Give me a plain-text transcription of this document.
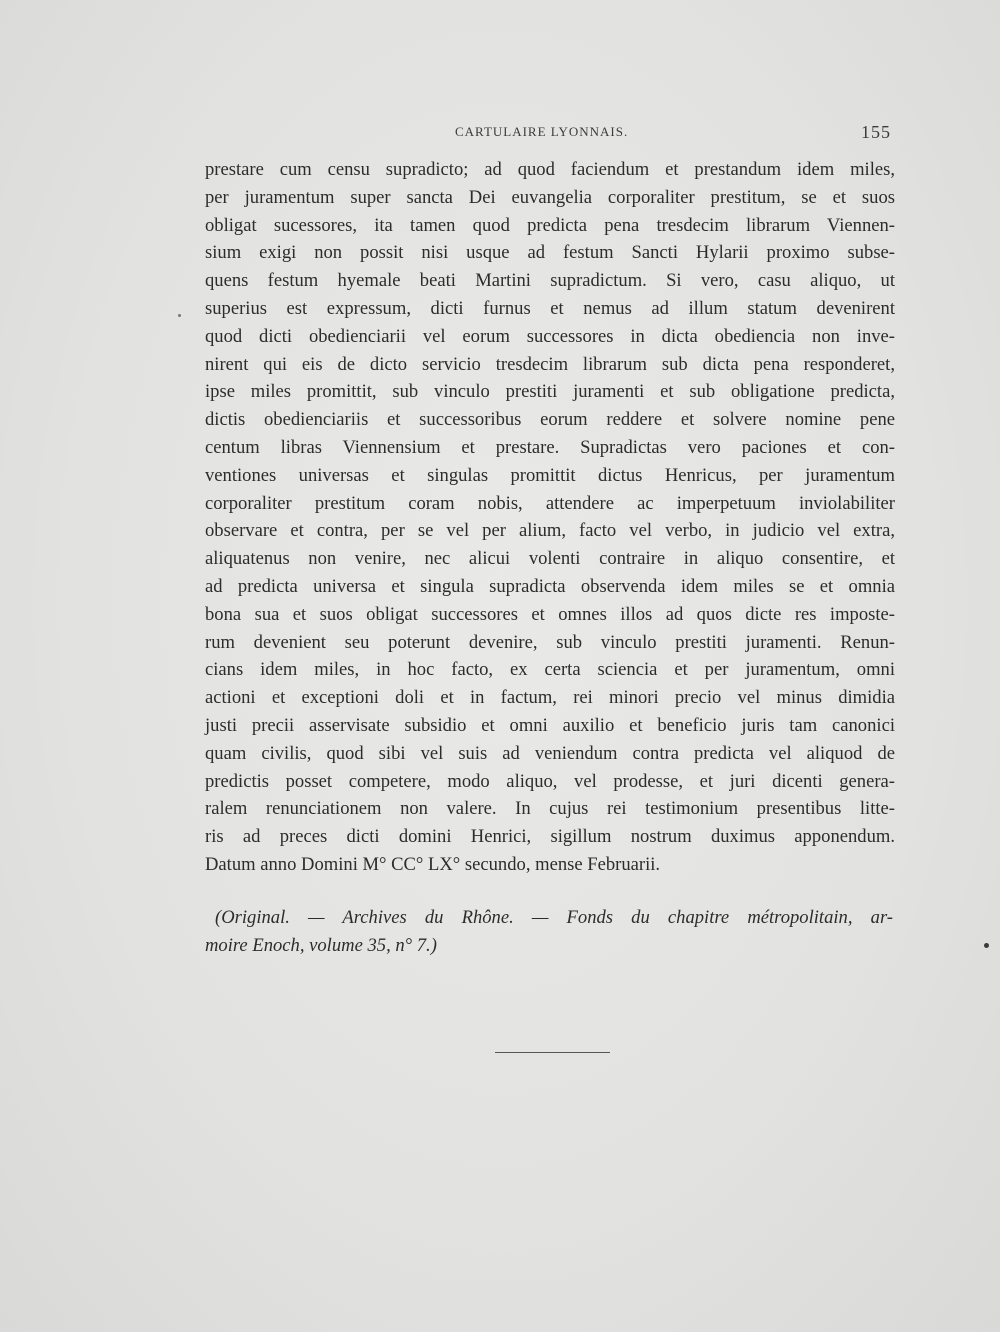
CARTULAIRE LYONNAIS.	155
prestare cum censu supradicto; ad quod faciendum et prestandum idem miles,
per juramentum super sancta Dei euvangelia corporaliter prestitum, se et suos
obligat sucessores, ita tamen quod predicta pena tresdecim librarum Viennen-
sium exigi non possit nisi usque ad festum Sancti Hylarii proximo subse-
quens festum hyemale beati Martini supradictum. Si vero, casu aliquo, ut
superius est expressum, dicti furnus et nemus ad illum statum devenirent
quod dicti obedienciarii vel eorum successores in dicta obediencia non inve-
nirent qui eis de dicto servicio tresdecim librarum sub dicta pena responderet,
ipse miles promittit, sub vinculo prestiti juramenti et sub obligatione predicta,
dictis obedienciariis et successoribus eorum reddere et solvere nomine pene
centum libras Viennensium et prestare. Supradictas vero paciones et con-
ventiones universas et singulas promittit dictus Henricus, per juramentum
corporaliter prestitum coram nobis, attendere ac imperpetuum inviolabiliter
observare et contra, per se vel per alium, facto vel verbo, in judicio vel extra,
aliquatenus non venire, nec alicui volenti contraire in aliquo consentire, et
ad predicta universa et singula supradicta observenda idem miles se et omnia
bona sua et suos obligat successores et omnes illos ad quos dicte res imposte-
rum devenient seu poterunt devenire, sub vinculo prestiti juramenti. Renun-
cians idem miles, in hoc facto, ex certa sciencia et per juramentum, omni
actioni et exceptioni doli et in factum, rei minori precio vel minus dimidia
justi precii asservisate subsidio et omni auxilio et beneficio juris tam canonici
quam civilis, quod sibi vel suis ad veniendum contra predicta vel aliquod de
predictis posset competere, modo aliquo, vel prodesse, et juri dicenti genera-
ralem renunciationem non valere. In cujus rei testimonium presentibus litte-
ris ad preces dicti domini Henrici, sigillum nostrum duximus apponendum.
Datum anno Domini M° CC° LX° secundo, mense Februarii.
(Original. — Archives du Rhône. — Fonds du chapitre métropolitain, ar-
moire Enoch, volume 35, n° 7.)
